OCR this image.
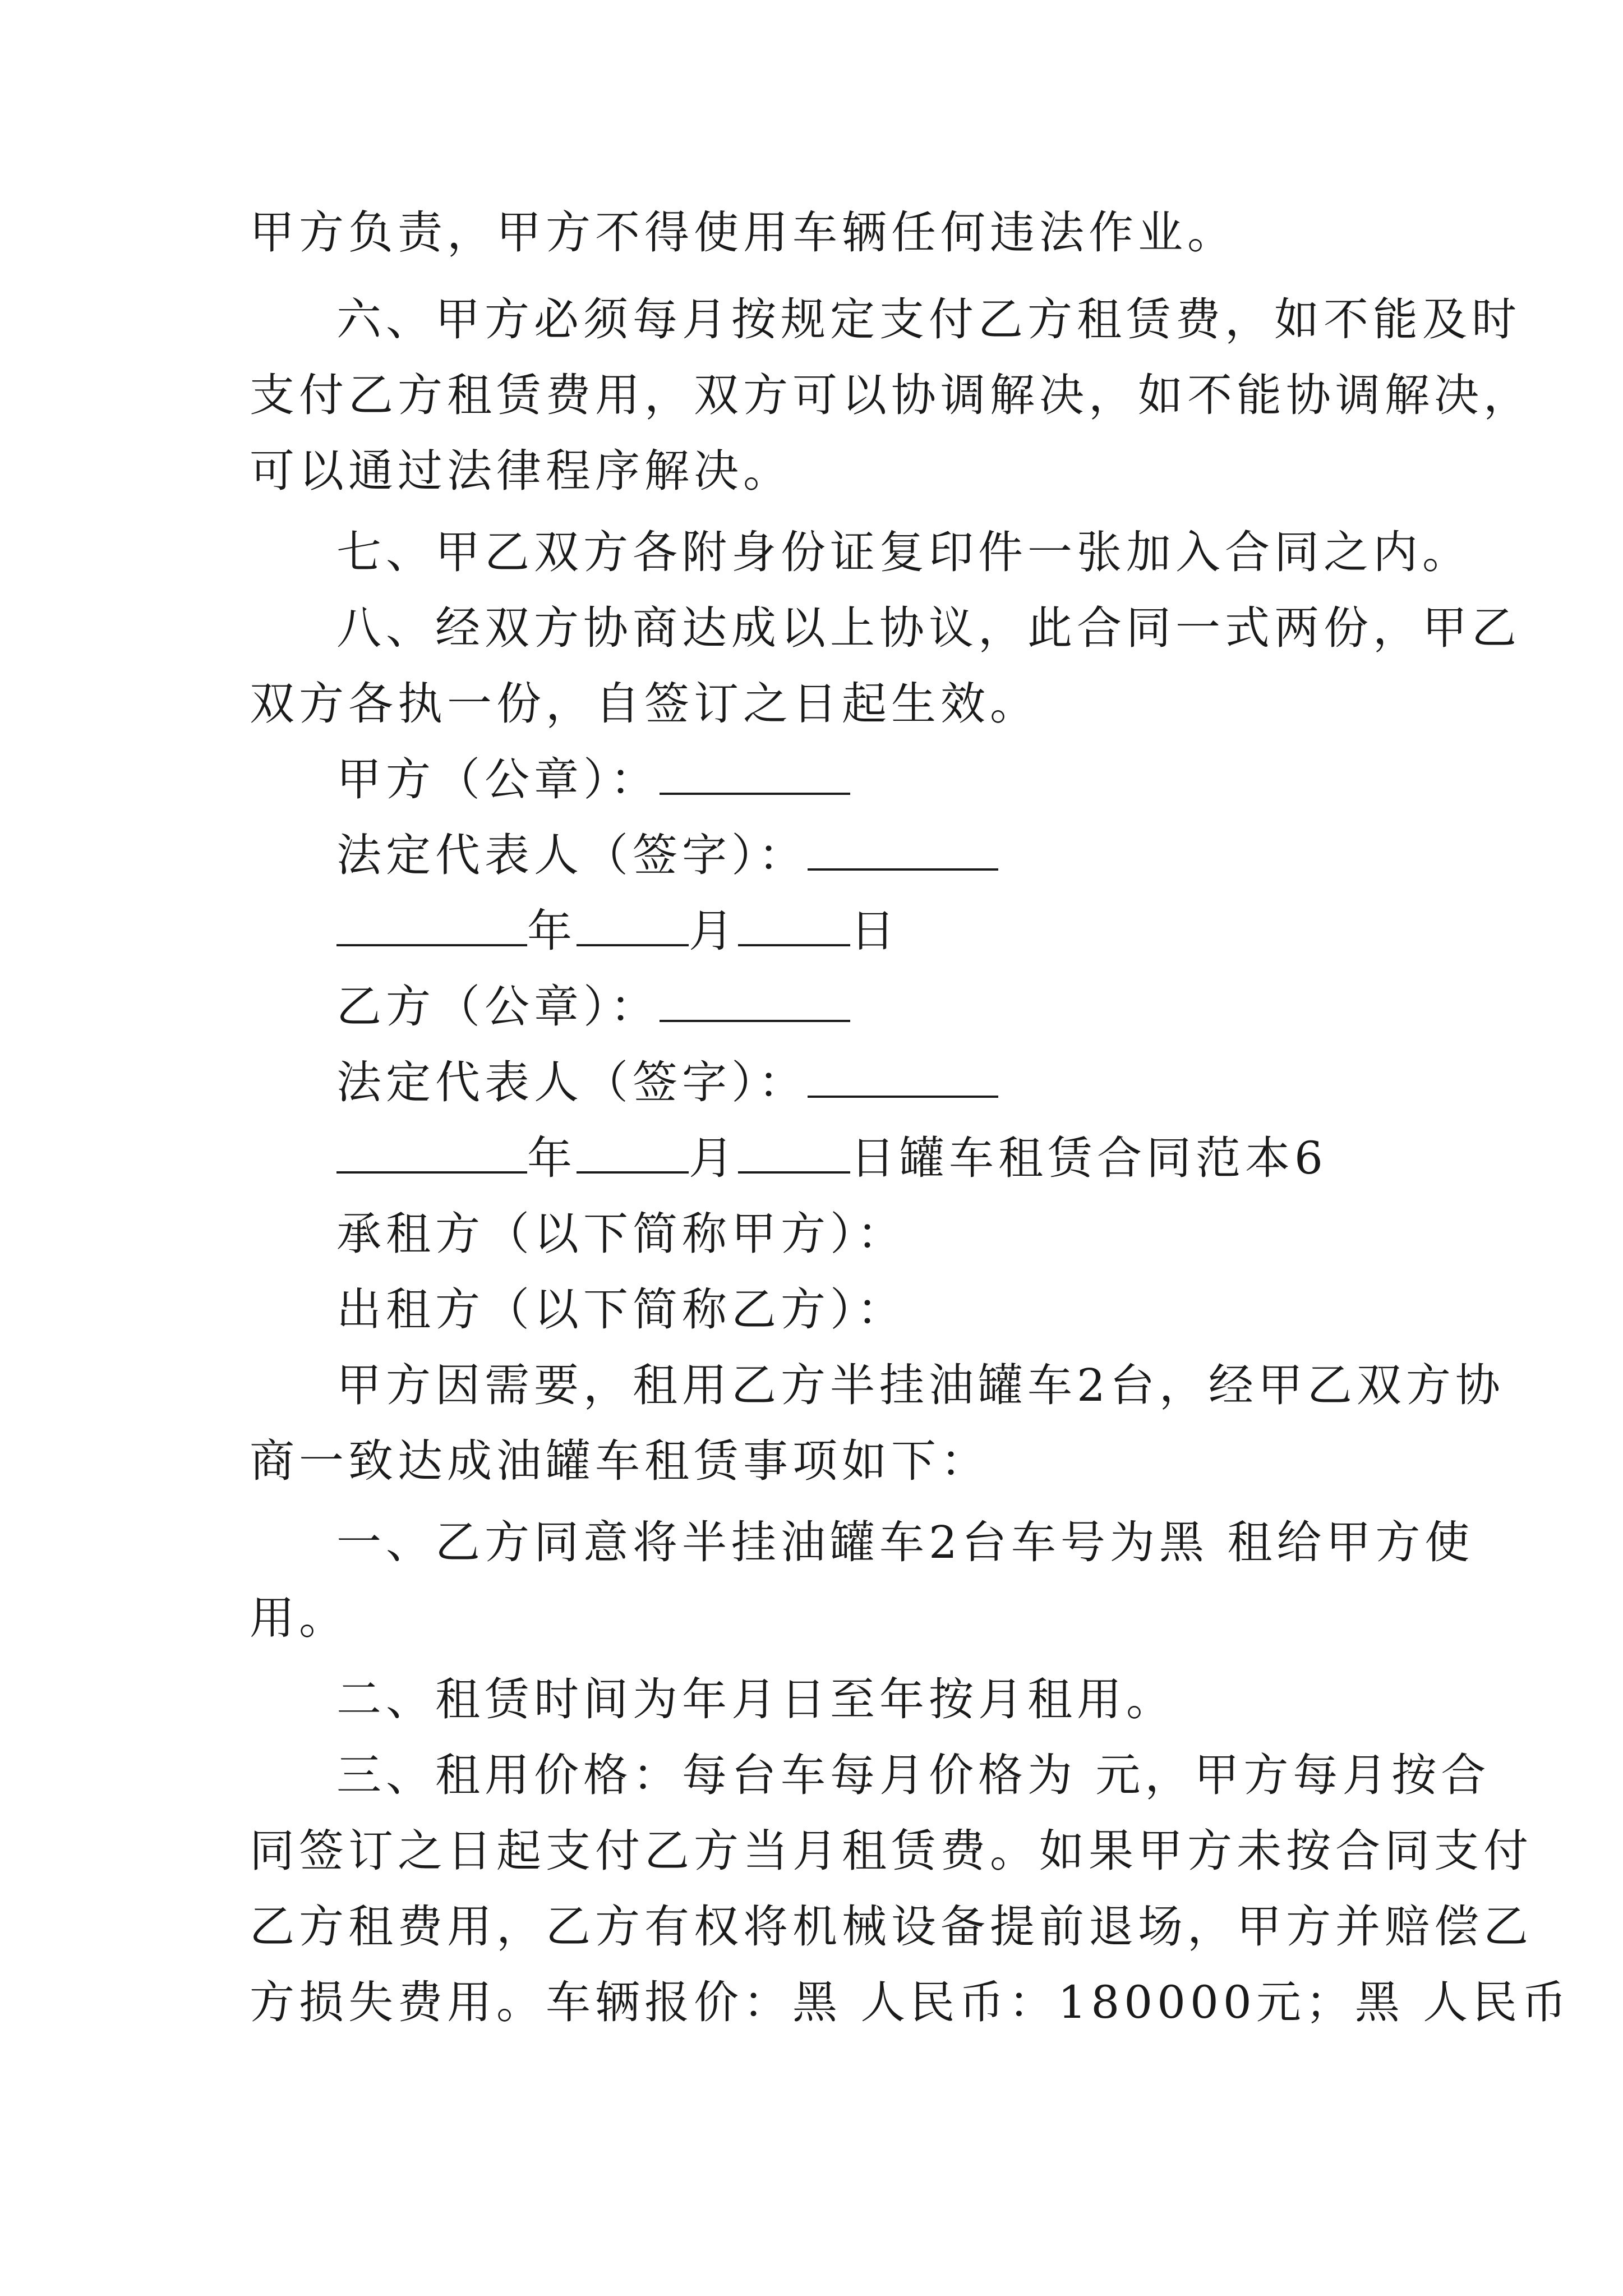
甲方负责，甲方不得使用车辆任何违法作业。
六、甲方必须每月按规定支付乙方租赁费，如不能及时
支付乙方租赁费用，双方可以协调解决，如不能协调解决，
可以通过法律程序解决。
七、甲乙双方各附身份证复印件一张加入合同之内。
八、经双方协商达成以上协议，此合同一式两份，甲乙
双方各执一份，自签订之日起生效。
甲方（公章）：
法定代表人（签字）：
年	月	日
乙方（公章）：
法定代表人（签字）：
年	月	日罐车租赁合同范本6
承租方（以下简称甲方）：
出租方（以下简称乙方）：
甲方因需要，租用乙方半挂油罐车2台，经甲乙双方协
商一致达成油罐车租赁事项如下：
一、乙方同意将半挂油罐车2台车号为黑 租给甲方使
用。
二、租赁时间为年月日至年按月租用。
三、租用价格：每台车每月价格为 元，甲方每月按合
同签订之日起支付乙方当月租赁费。如果甲方未按合同支付
乙方租费用，乙方有权将机械设备提前退场，甲方并赔偿乙
方损失费用。车辆报价：黑 人民币：180000元；黑 人民币
